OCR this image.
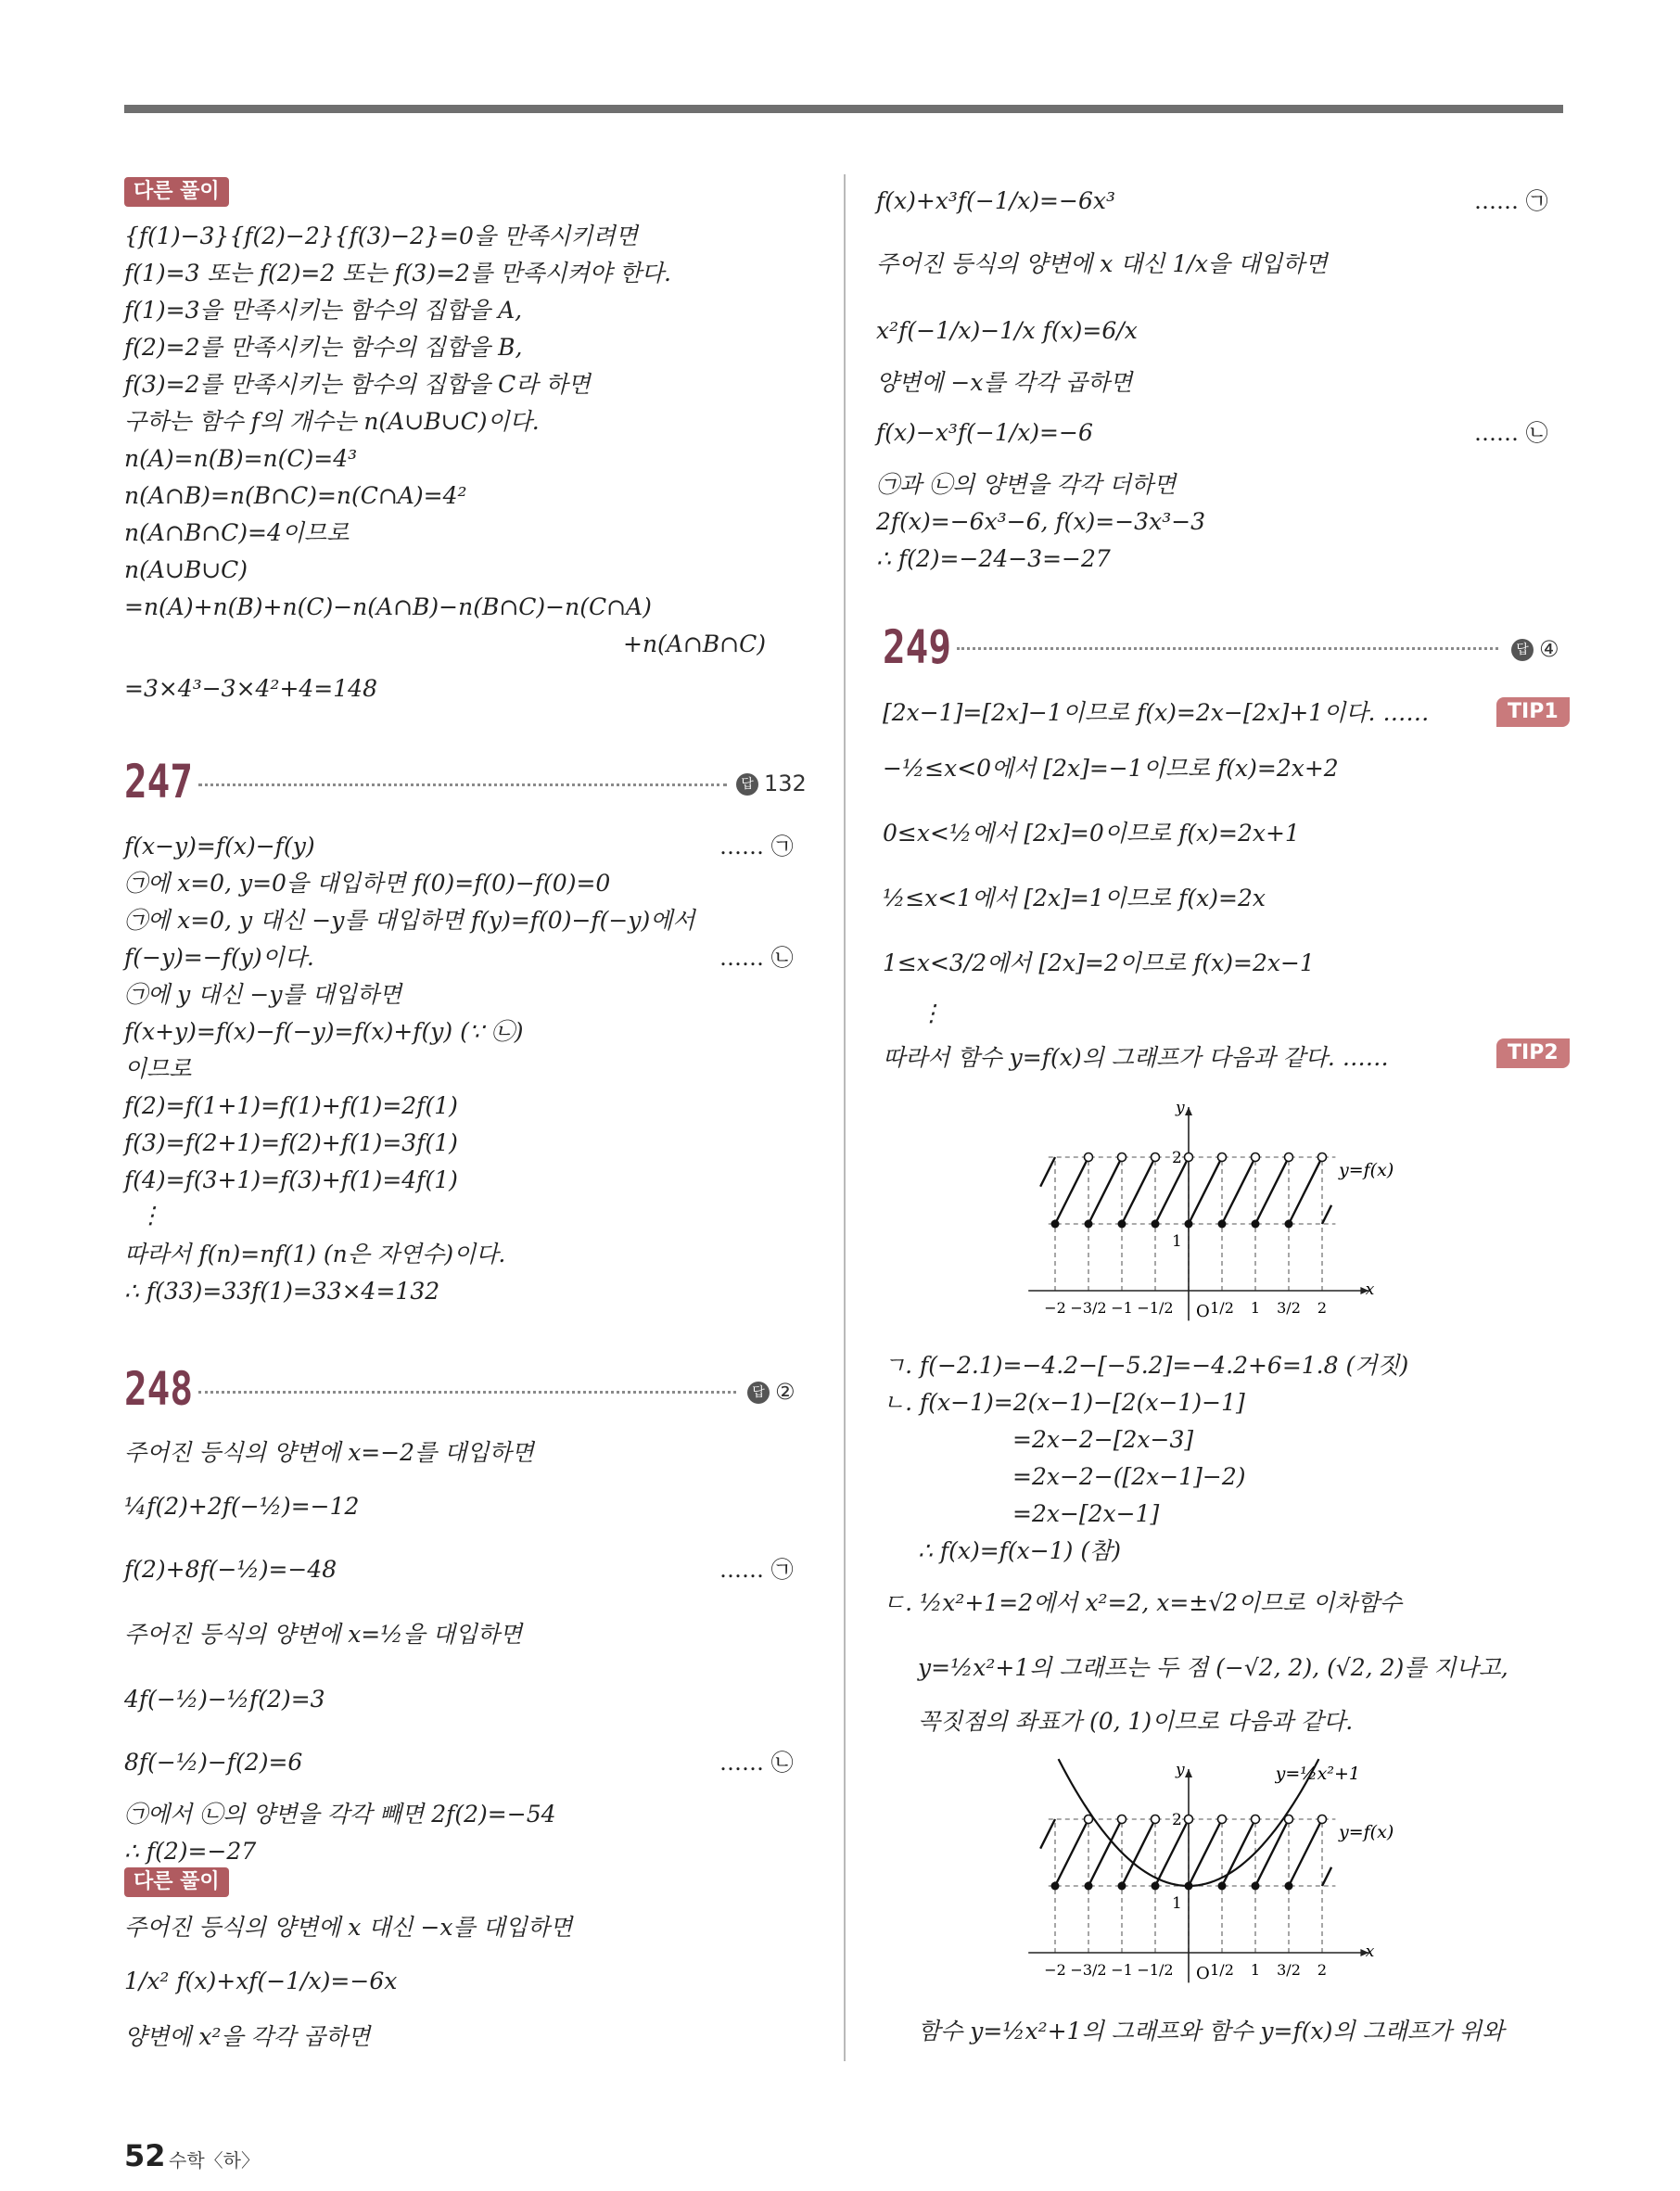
다른 풀이
{f(1)−3}{f(2)−2}{f(3)−2}=0을 만족시키려면
f(1)=3 또는 f(2)=2 또는 f(3)=2를 만족시켜야 한다.
f(1)=3을 만족시키는 함수의 집합을 A,
f(2)=2를 만족시키는 함수의 집합을 B,
f(3)=2를 만족시키는 함수의 집합을 C라 하면
구하는 함수 f의 개수는 n(A∪B∪C)이다.
n(A)=n(B)=n(C)=4³
n(A∩B)=n(B∩C)=n(C∩A)=4²
n(A∩B∩C)=4이므로
n(A∪B∪C)
=n(A)+n(B)+n(C)−n(A∩B)−n(B∩C)−n(C∩A)
+n(A∩B∩C)
=3×4³−3×4²+4=148
247	답 132
f(x−y)=f(x)−f(y)	…… ㉠
㉠에 x=0, y=0을 대입하면 f(0)=f(0)−f(0)=0
㉠에 x=0, y 대신 −y를 대입하면 f(y)=f(0)−f(−y)에서
f(−y)=−f(y)이다.	…… ㉡
㉠에 y 대신 −y를 대입하면
f(x+y)=f(x)−f(−y)=f(x)+f(y) (∵ ㉡)
이므로
f(2)=f(1+1)=f(1)+f(1)=2f(1)
f(3)=f(2+1)=f(2)+f(1)=3f(1)
f(4)=f(3+1)=f(3)+f(1)=4f(1)
⋮
따라서 f(n)=nf(1) (n은 자연수)이다.
∴ f(33)=33f(1)=33×4=132
248	답 ②
주어진 등식의 양변에 x=−2를 대입하면
¼f(2)+2f(−½)=−12
f(2)+8f(−½)=−48	…… ㉠
주어진 등식의 양변에 x=½을 대입하면
4f(−½)−½f(2)=3
8f(−½)−f(2)=6	…… ㉡
㉠에서 ㉡의 양변을 각각 빼면 2f(2)=−54
∴ f(2)=−27
다른 풀이
주어진 등식의 양변에 x 대신 −x를 대입하면
1/x² f(x)+xf(−1/x)=−6x
양변에 x²을 각각 곱하면
f(x)+x³f(−1/x)=−6x³	…… ㉠
주어진 등식의 양변에 x 대신 1/x을 대입하면
x²f(−1/x)−1/x f(x)=6/x
양변에 −x를 각각 곱하면
f(x)−x³f(−1/x)=−6	…… ㉡
㉠과 ㉡의 양변을 각각 더하면
2f(x)=−6x³−6, f(x)=−3x³−3
∴ f(2)=−24−3=−27
249	답 ④
[2x−1]=[2x]−1이므로 f(x)=2x−[2x]+1이다. ……	TIP1
−½≤x<0에서 [2x]=−1이므로 f(x)=2x+2
0≤x<½에서 [2x]=0이므로 f(x)=2x+1
½≤x<1에서 [2x]=1이므로 f(x)=2x
1≤x<3/2에서 [2x]=2이므로 f(x)=2x−1
⋮
따라서 함수 y=f(x)의 그래프가 다음과 같다. ……	TIP2
y=f(x)
y
x
2
1
O
−2 −3/2 −1 −1/2 1/2 1 3/2 2
ㄱ. f(−2.1)=−4.2−[−5.2]=−4.2+6=1.8 (거짓)
ㄴ. f(x−1)=2(x−1)−[2(x−1)−1]
=2x−2−[2x−3]
=2x−2−([2x−1]−2)
=2x−[2x−1]
∴ f(x)=f(x−1) (참)
ㄷ. ½x²+1=2에서 x²=2, x=±√2이므로 이차함수
y=½x²+1의 그래프는 두 점 (−√2, 2), (√2, 2)를 지나고,
꼭짓점의 좌표가 (0, 1)이므로 다음과 같다.
y=½x²+1
y=f(x)
y
x
2
1
O
−2 −3/2 −1 −1/2 1/2 1 3/2 2
함수 y=½x²+1의 그래프와 함수 y=f(x)의 그래프가 위와
52 수학〈하〉
